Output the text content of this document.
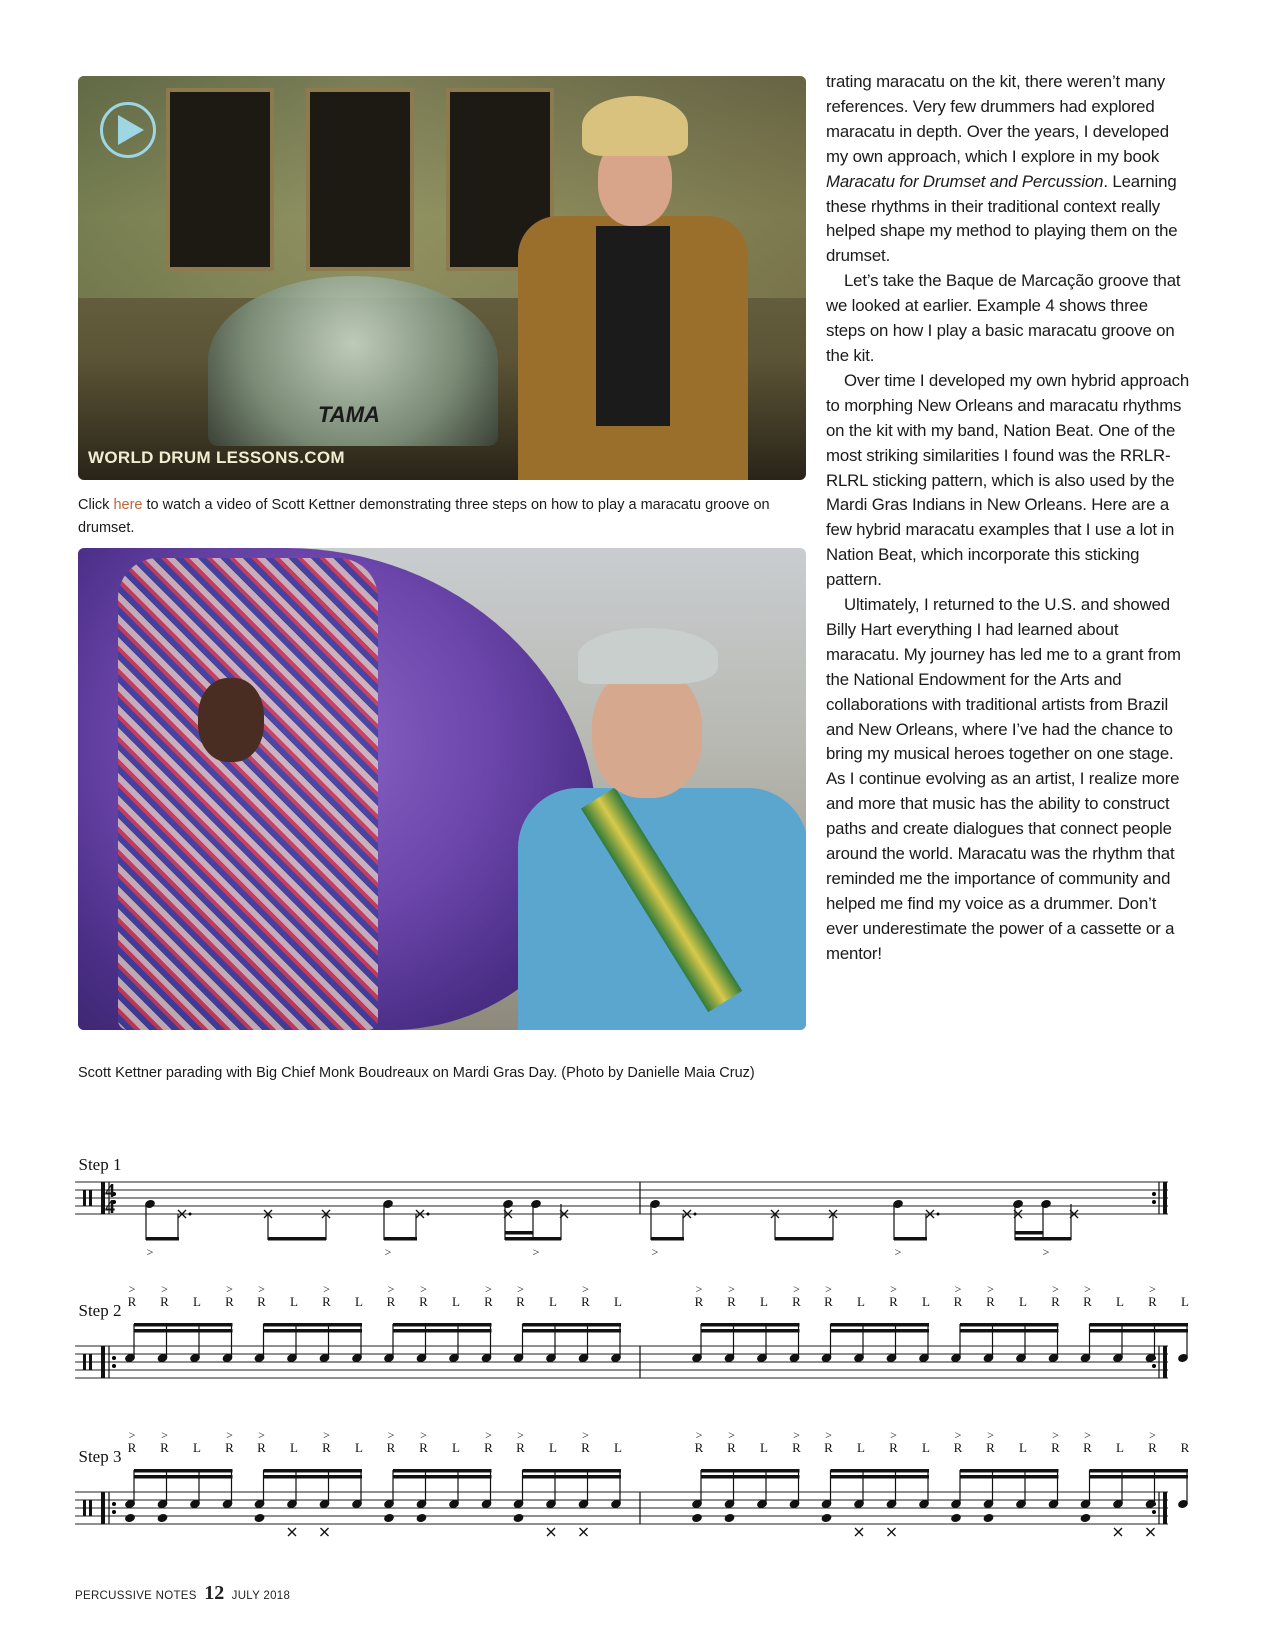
TAMA
WORLD DRUM LESSONS.COM
Click here to watch a video of Scott Kettner demonstrating three steps on how to play a maracatu groove on drumset.
Scott Kettner parading with Big Chief Monk Boudreaux on Mardi Gras Day. (Photo by Danielle Maia Cruz)

trating maracatu on the kit, there weren’t many references. Very few drummers had explored maracatu in depth. Over the years, I developed my own approach, which I explore in my book Maracatu for Drumset and Percussion. Learning these rhythms in their traditional context really helped shape my method to playing them on the drumset.

Let’s take the Baque de Marcação groove that we looked at earlier. Example 4 shows three steps on how I play a basic maracatu groove on the kit.

Over time I developed my own hybrid approach to morphing New Orleans and maracatu rhythms on the kit with my band, Nation Beat. One of the most striking similarities I found was the RRLR-RLRL sticking pattern, which is also used by the Mardi Gras Indians in New Orleans. Here are a few hybrid maracatu examples that I use a lot in Nation Beat, which incorporate this sticking pattern.

Ultimately, I returned to the U.S. and showed Billy Hart everything I had learned about maracatu. My journey has led me to a grant from the National Endowment for the Arts and collaborations with traditional artists from Brazil and New Orleans, where I’ve had the chance to bring my musical heroes together on one stage. As I continue evolving as an artist, I realize more and more that music has the ability to construct paths and create dialogues that connect people around the world. Maracatu was the rhythm that reminded me the importance of community and helped me find my voice as a drummer. Don’t ever underestimate the power of a cassette or a mentor!

Step 1
4
4
>	>	>	>	>	>
Step 2 R
>
R
>
L R
>
R
>
L R
>
L R
>
R
>
L R
>
R
>
L R
>
L	R
>
R
>
L R
>
R
>
L R
>
L R
>
R
>
L R
>
R
>
L R
>
L
Step 3 R
>
R
>
L R
>
R
>
L R
>
L R
>
R
>
L R
>
R
>
L R
>
L	R
>
R
>
L R
>
R
>
L R
>
L R
>
R
>
L R
>
R
>
L R
>
R
PERCUSSIVE NOTES 12 JULY 2018
